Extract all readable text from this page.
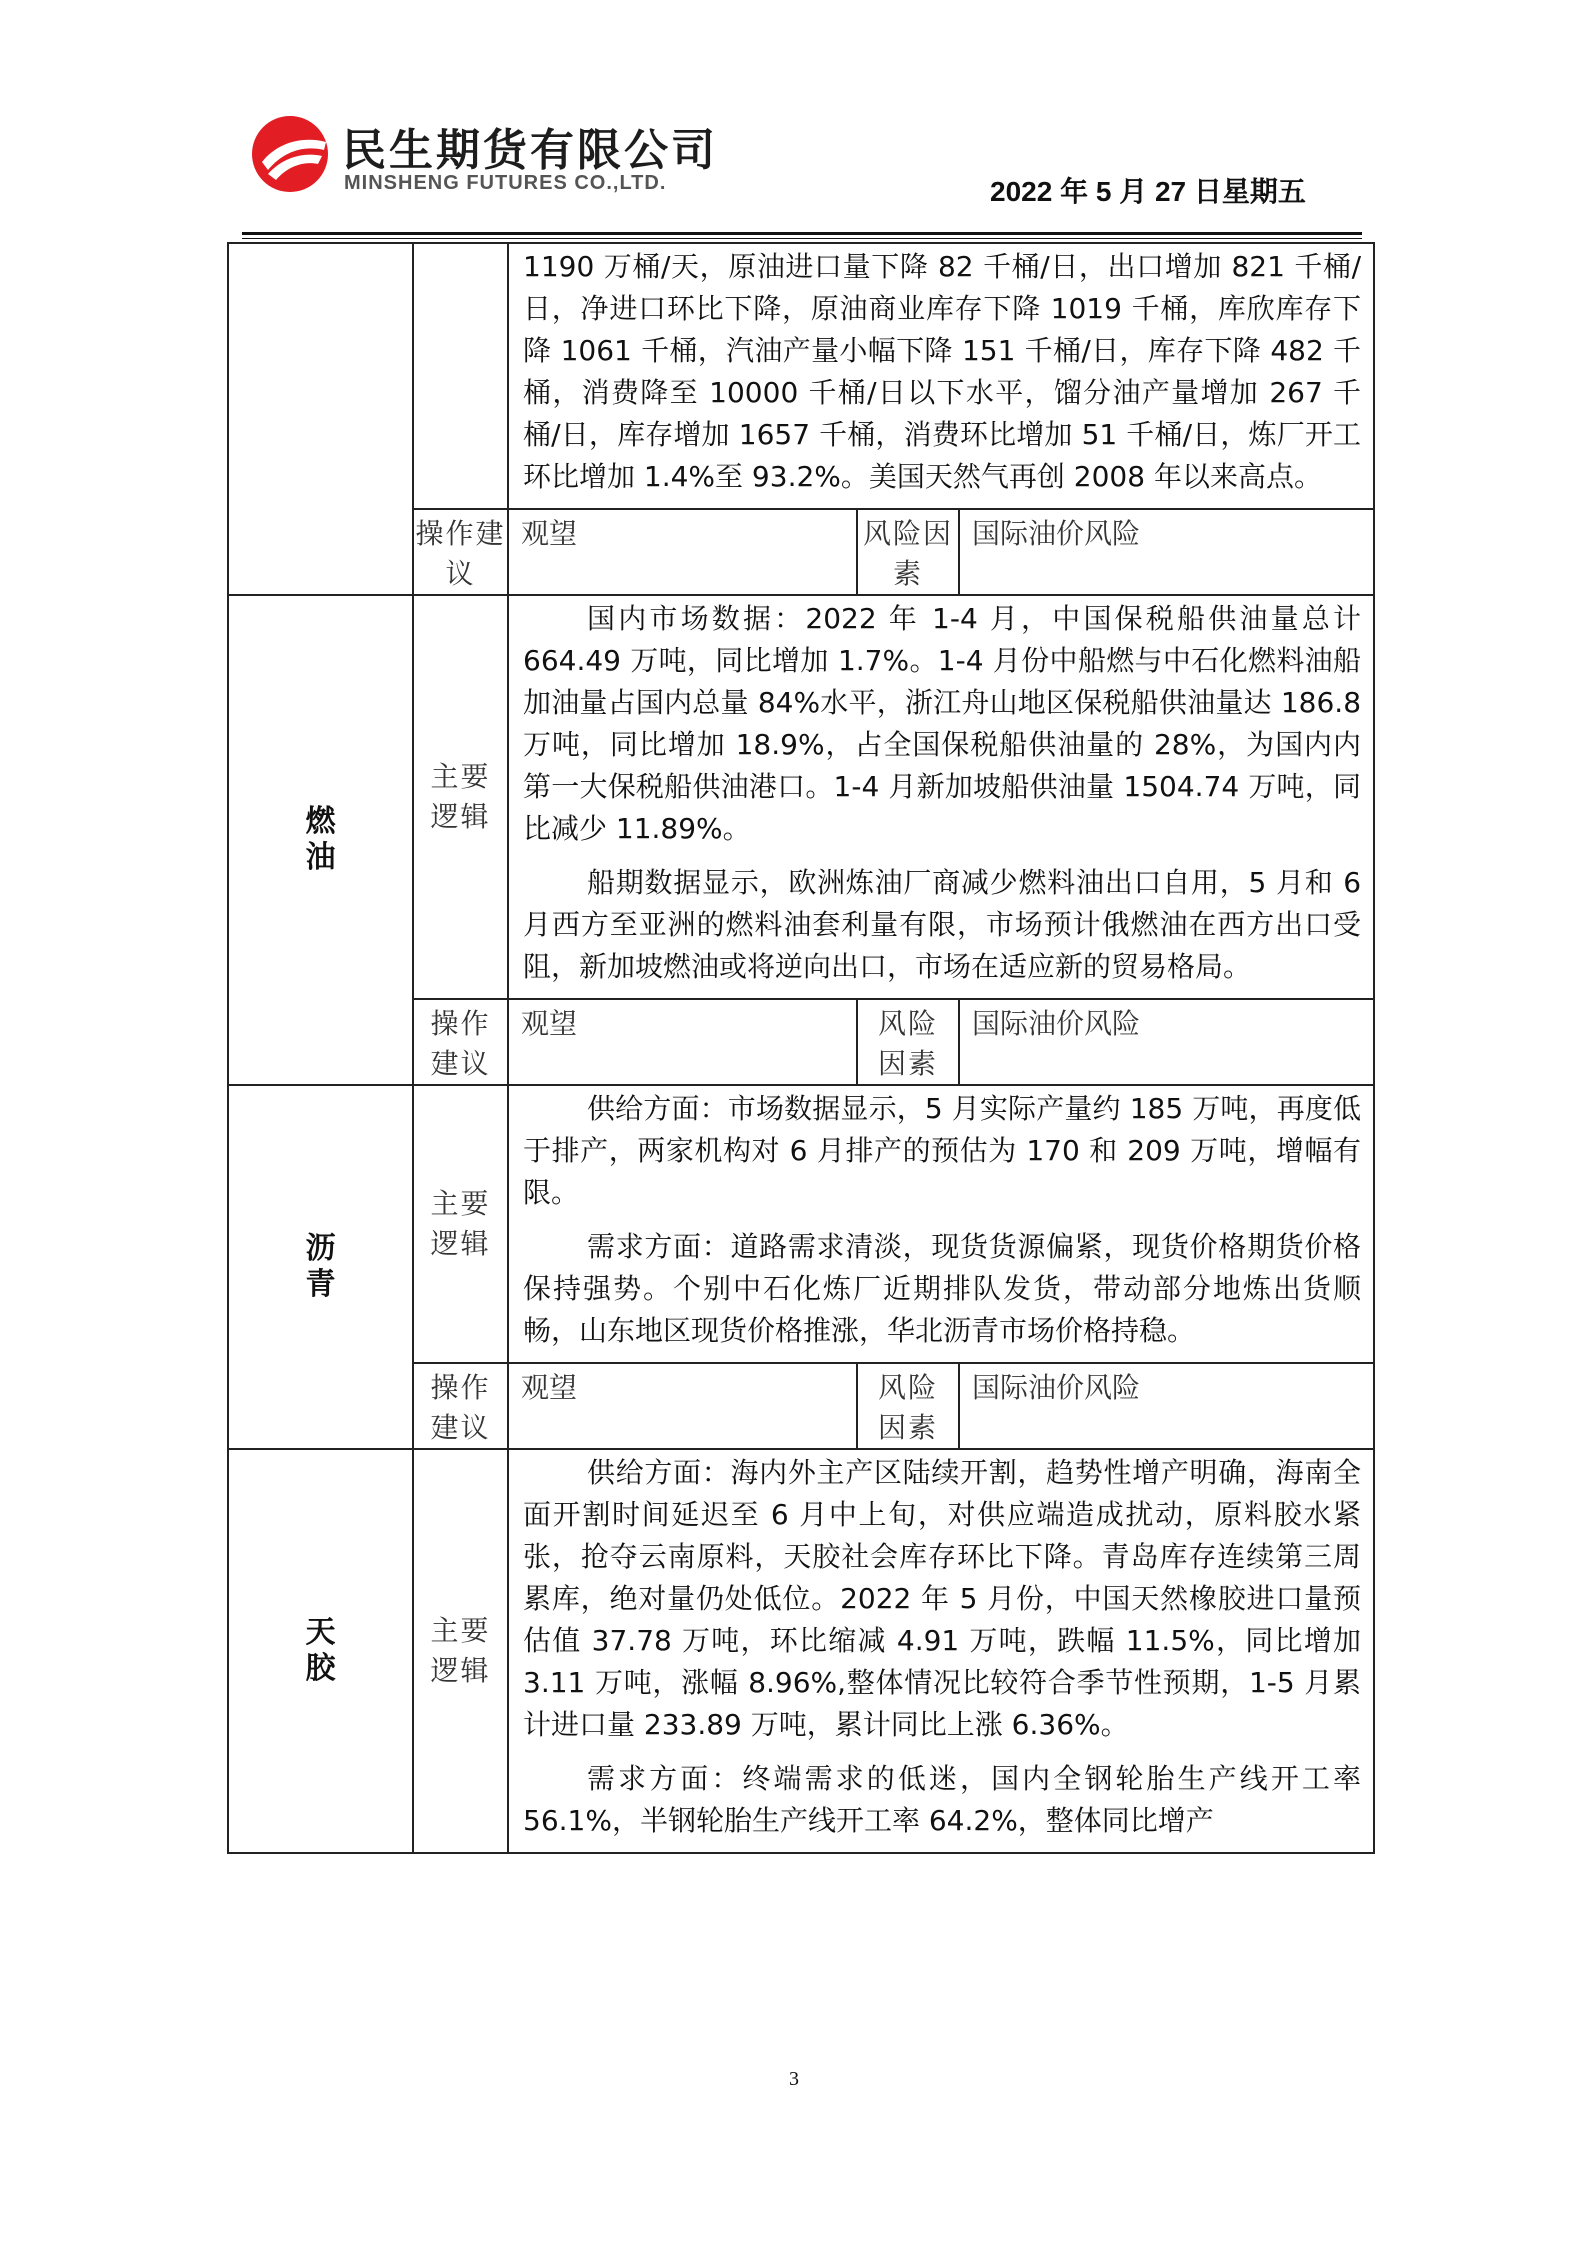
民生期货有限公司
MINSHENG FUTURES CO.,LTD.	2022 年 5 月 27 日星期五

		1190 万桶/天，原油进口量下降 82 千桶/日，出口增加 821 千桶/日，净进口环比下降，原油商业库存下降 1019 千桶，库欣库存下降 1061 千桶，汽油产量小幅下降 151 千桶/日，库存下降 482 千桶，消费降至 10000 千桶/日以下水平，馏分油产量增加 267 千桶/日，库存增加 1657 千桶，消费环比增加 51 千桶/日，炼厂开工环比增加 1.4%至 93.2%。美国天然气再创 2008 年以来高点。		

	操作建议	观望	风险因素	国际油价风险
燃油	主要逻辑	国内市场数据：2022 年 1-4 月，中国保税船供油量总计 664.49 万吨，同比增加 1.7%。1-4 月份中船燃与中石化燃料油船加油量占国内总量 84%水平，浙江舟山地区保税船供油量达 186.8 万吨，同比增加 18.9%，占全国保税船供油量的 28%，为国内内第一大保税船供油港口。1-4 月新加坡船供油量 1504.74 万吨，同比减少 11.89%。

船期数据显示，欧洲炼油厂商减少燃料油出口自用，5 月和 6 月西方至亚洲的燃料油套利量有限，市场预计俄燃油在西方出口受阻，新加坡燃油或将逆向出口，市场在适应新的贸易格局。		

	操作建议	观望	风险因素	国际油价风险
沥青	主要逻辑	供给方面：市场数据显示，5 月实际产量约 185 万吨，再度低于排产，两家机构对 6 月排产的预估为 170 和 209 万吨，增幅有限。

需求方面：道路需求清淡，现货货源偏紧，现货价格期货价格保持强势。个别中石化炼厂近期排队发货，带动部分地炼出货顺畅，山东地区现货价格推涨，华北沥青市场价格持稳。		

	操作建议	观望	风险因素	国际油价风险
天胶	主要逻辑	供给方面：海内外主产区陆续开割，趋势性增产明确，海南全面开割时间延迟至 6 月中上旬，对供应端造成扰动，原料胶水紧张，抢夺云南原料，天胶社会库存环比下降。青岛库存连续第三周累库，绝对量仍处低位。2022 年 5 月份，中国天然橡胶进口量预估值 37.78 万吨，环比缩减 4.91 万吨，跌幅 11.5%，同比增加 3.11 万吨，涨幅 8.96%,整体情况比较符合季节性预期，1-5 月累计进口量 233.89 万吨，累计同比上涨 6.36%。

需求方面：终端需求的低迷，国内全钢轮胎生产线开工率 56.1%，半钢轮胎生产线开工率 64.2%，整体同比增产		

3
